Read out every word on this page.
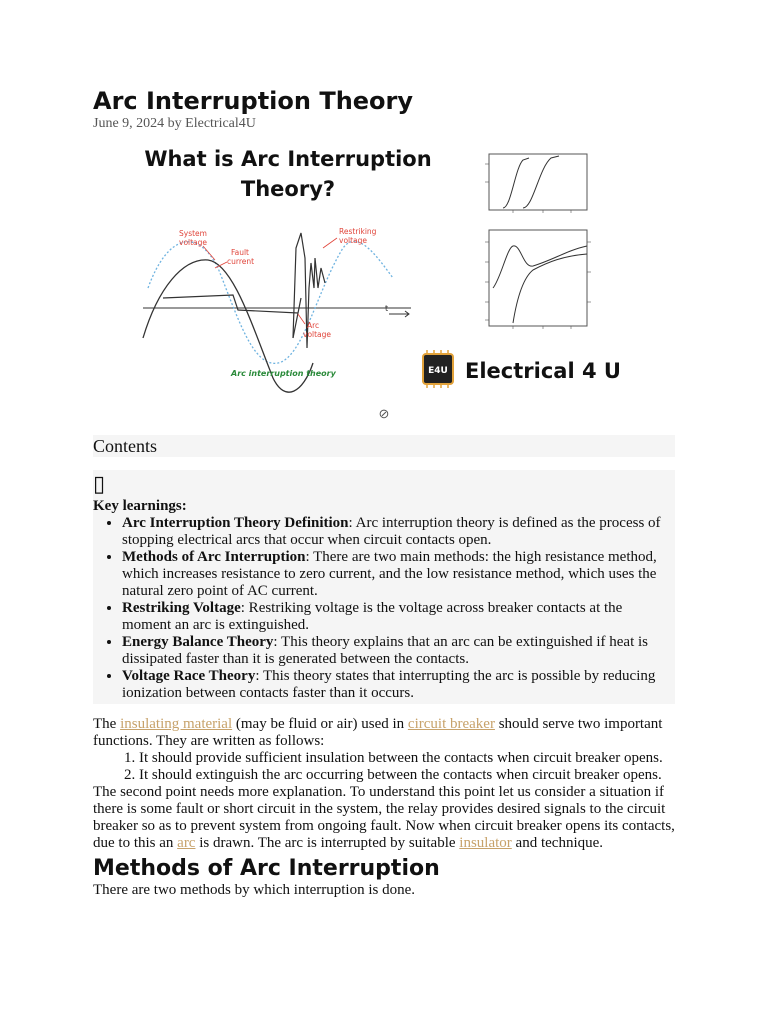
Arc Interruption Theory
June 9, 2024 by Electrical4U
What is Arc Interruption
Theory?
System
voltage
Fault
current
Restriking
voltage
Arc
voltage
t
Arc interruption theory	E4U Electrical 4 U
⊘
Contents
▯
Key learnings:
• Arc Interruption Theory Definition: Arc interruption theory is defined as the process of stopping electrical arcs that occur when circuit contacts open.
• Methods of Arc Interruption: There are two main methods: the high resistance method, which increases resistance to zero current, and the low resistance method, which uses the natural zero point of AC current.
• Restriking Voltage: Restriking voltage is the voltage across breaker contacts at the moment an arc is extinguished.
• Energy Balance Theory: This theory explains that an arc can be extinguished if heat is dissipated faster than it is generated between the contacts.
• Voltage Race Theory: This theory states that interrupting the arc is possible by reducing ionization between contacts faster than it occurs.

The insulating material (may be fluid or air) used in circuit breaker should serve two important functions. They are written as follows:

1. It should provide sufficient insulation between the contacts when circuit breaker opens.
2. It should extinguish the arc occurring between the contacts when circuit breaker opens.

The second point needs more explanation. To understand this point let us consider a situation if there is some fault or short circuit in the system, the relay provides desired signals to the circuit breaker so as to prevent system from ongoing fault. Now when circuit breaker opens its contacts, due to this an arc is drawn. The arc is interrupted by suitable insulator and technique.

Methods of Arc Interruption

There are two methods by which interruption is done.
